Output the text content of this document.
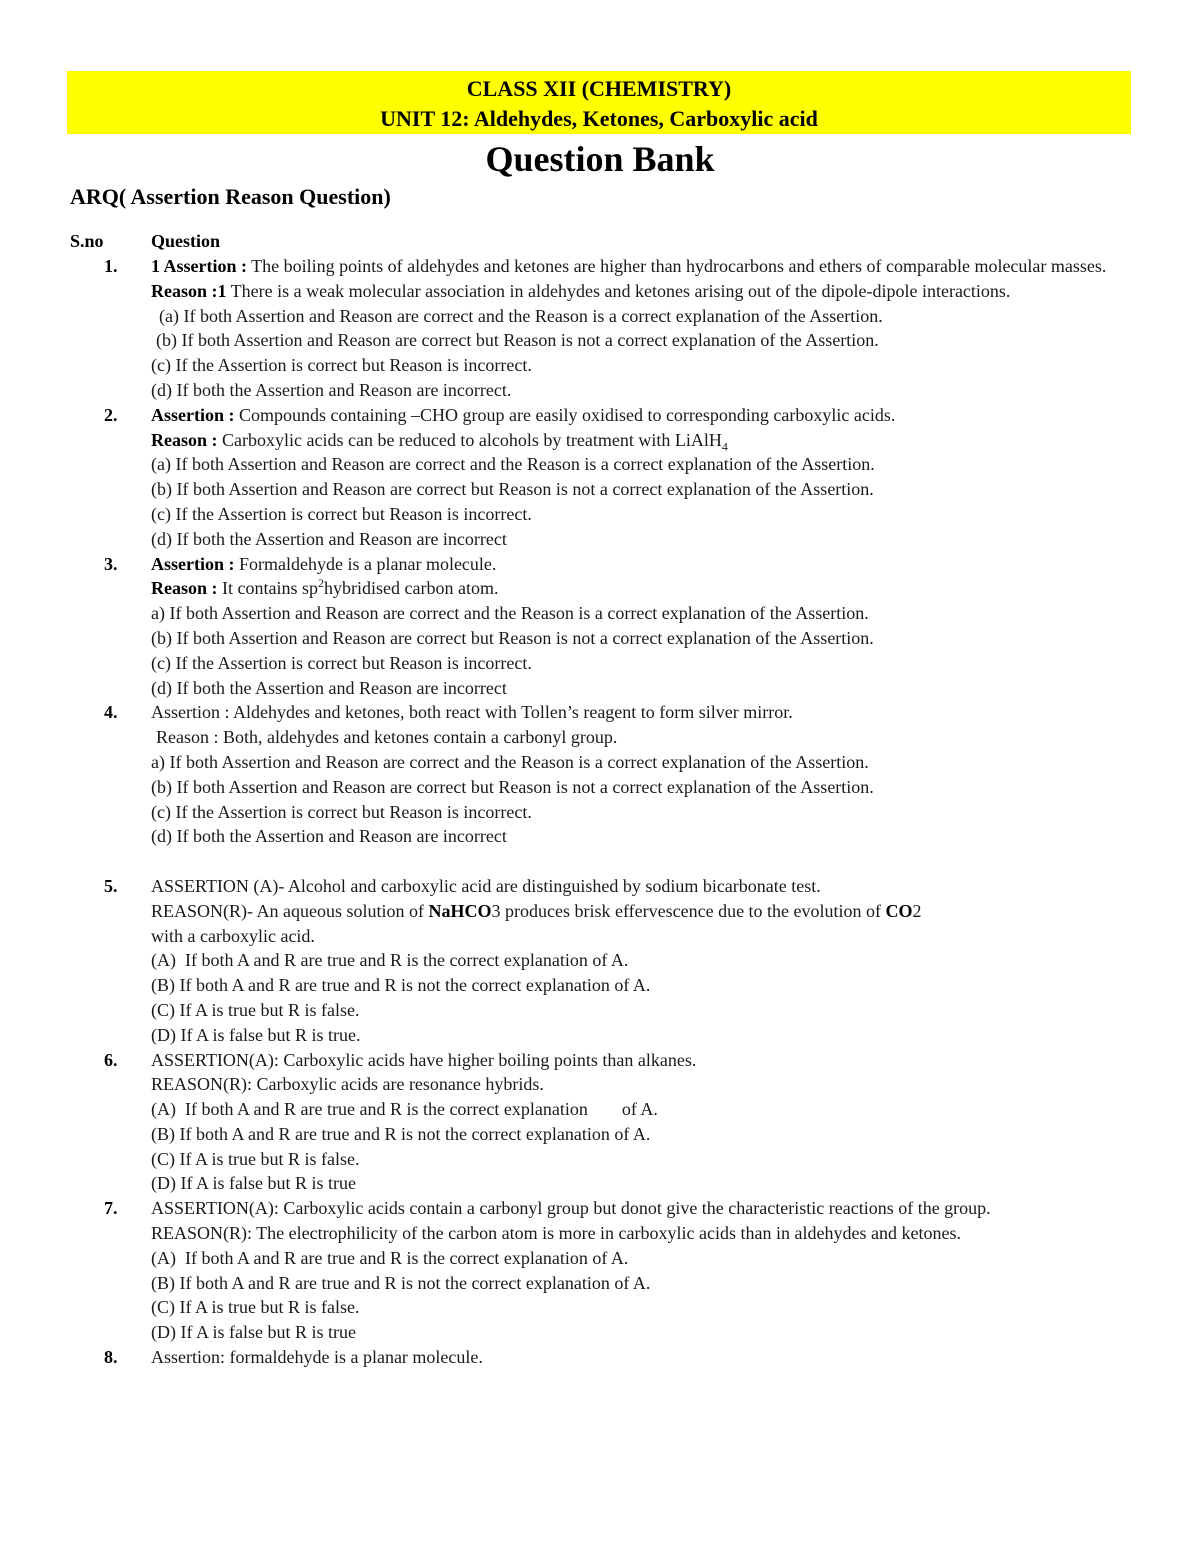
CLASS XII (CHEMISTRY)
UNIT 12: Aldehydes, Ketones, Carboxylic acid
Question Bank
ARQ( Assertion Reason Question)
S.no	Question
1. 1 Assertion : The boiling points of aldehydes and ketones are higher than hydrocarbons and ethers of comparable molecular masses.
Reason :1 There is a weak molecular association in aldehydes and ketones arising out of the dipole-dipole interactions.
(a) If both Assertion and Reason are correct and the Reason is a correct explanation of the Assertion.
(b) If both Assertion and Reason are correct but Reason is not a correct explanation of the Assertion.
(c) If the Assertion is correct but Reason is incorrect.
(d) If both the Assertion and Reason are incorrect.
2. Assertion : Compounds containing –CHO group are easily oxidised to corresponding carboxylic acids.
Reason : Carboxylic acids can be reduced to alcohols by treatment with LiAlH$_4$
(a) If both Assertion and Reason are correct and the Reason is a correct explanation of the Assertion.
(b) If both Assertion and Reason are correct but Reason is not a correct explanation of the Assertion.
(c) If the Assertion is correct but Reason is incorrect.
(d) If both the Assertion and Reason are incorrect
3. Assertion : Formaldehyde is a planar molecule.
Reason : It contains $sp^2hybridised$ carbon atom.
a) If both Assertion and Reason are correct and the Reason is a correct explanation of the Assertion.
(b) If both Assertion and Reason are correct but Reason is not a correct explanation of the Assertion.
(c) If the Assertion is correct but Reason is incorrect.
(d) If both the Assertion and Reason are incorrect
4. Assertion : Aldehydes and ketones, both react with Tollen’s reagent to form silver mirror.
Reason : Both, aldehydes and ketones contain a carbonyl group.
a) If both Assertion and Reason are correct and the Reason is a correct explanation of the Assertion.
(b) If both Assertion and Reason are correct but Reason is not a correct explanation of the Assertion.
(c) If the Assertion is correct but Reason is incorrect.
(d) If both the Assertion and Reason are incorrect
5. ASSERTION (A)- Alcohol and carboxylic acid are distinguished by sodium bicarbonate test.
REASON(R)- An aqueous solution of NaHCO3 produces brisk effervescence due to the evolution of CO2
with a carboxylic acid.
(A)  If both A and R are true and R is the correct explanation of A.
(B) If both A and R are true and R is not the correct explanation of A.
(C) If A is true but R is false.
(D) If A is false but R is true.
6. ASSERTION(A): Carboxylic acids have higher boiling points than alkanes.
REASON(R): Carboxylic acids are resonance hybrids.
(A)  If both A and R are true and R is the correct explanation of A.
(B) If both A and R are true and R is not the correct explanation of A.
(C) If A is true but R is false.
(D) If A is false but R is true
7. ASSERTION(A): Carboxylic acids contain a carbonyl group but donot give the characteristic reactions of the group.
REASON(R): The electrophilicity of the carbon atom is more in carboxylic acids than in aldehydes and ketones.
(A)  If both A and R are true and R is the correct explanation of A.
(B) If both A and R are true and R is not the correct explanation of A.
(C) If A is true but R is false.
(D) If A is false but R is true
8. Assertion: formaldehyde is a planar molecule.
